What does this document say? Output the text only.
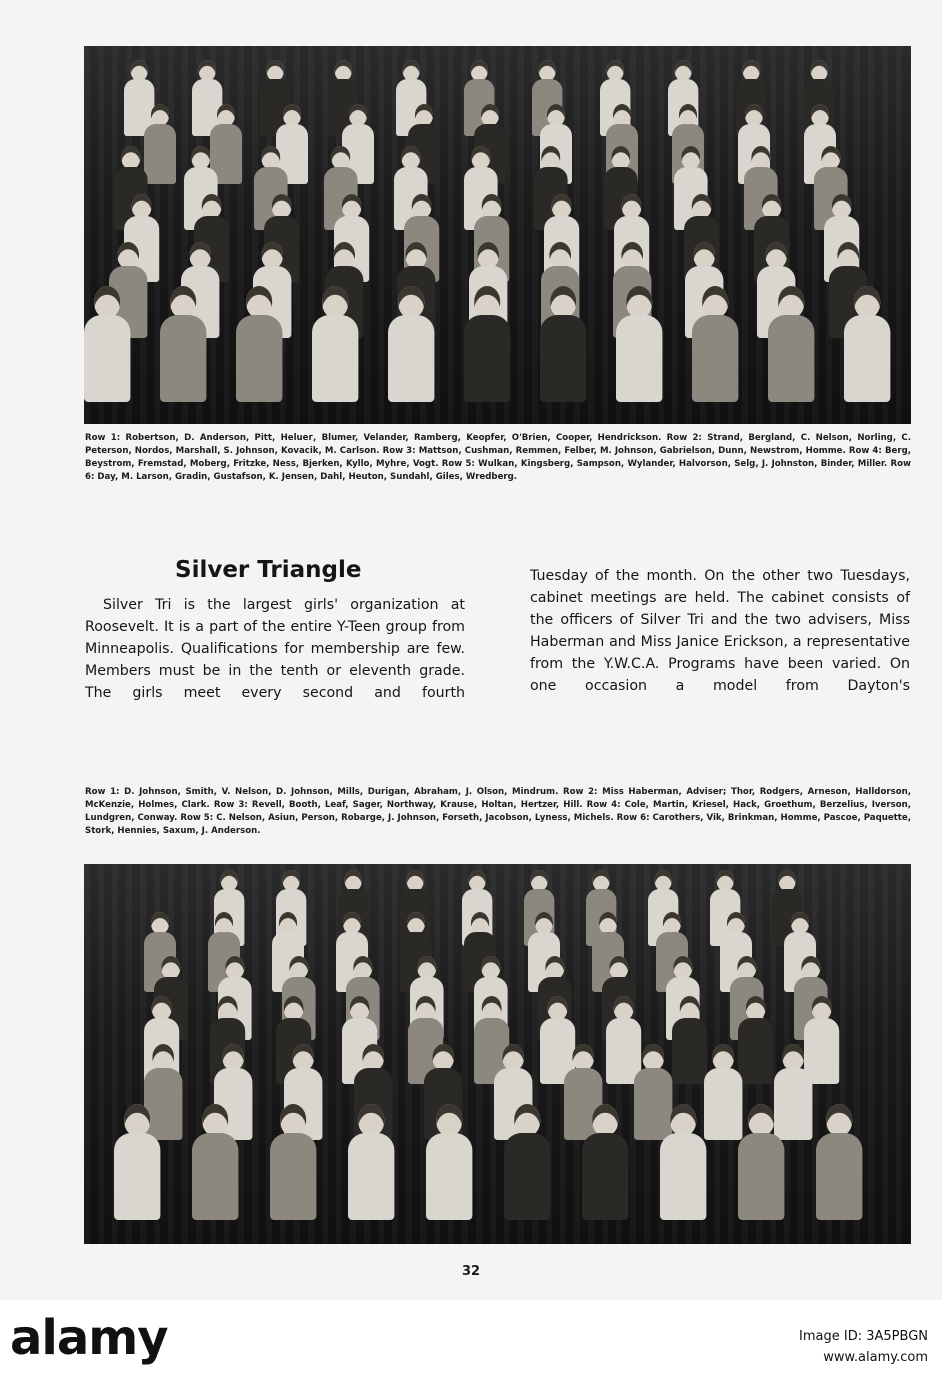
Row 1: Robertson, D. Anderson, Pitt, Heluег, Blumer, Velander, Ramberg, Keopfer, O'Brien, Cooper, Hendrickson. Row 2: Strand, Bergland, C. Nelson, Norling, C. Peterson, Nordos, Marshall, S. Johnson, Kovacik, M. Carlson. Row 3: Mattson, Cushman, Remmen, Felber, M. Johnson, Gabrielson, Dunn, Newstrom, Homme. Row 4: Berg, Beystrom, Fremstad, Moberg, Fritzke, Ness, Bjerken, Kyllo, Myhre, Vogt. Row 5: Wulkan, Kingsberg, Sampson, Wylander, Halvorson, Selg, J. Johnston, Binder, Miller. Row 6: Day, M. Larson, Gradin, Gustafson, K. Jensen, Dahl, Heuton, Sundahl, Giles, Wredberg.

Silver Triangle

Silver Tri is the largest girls' organization at Roosevelt. It is a part of the entire Y-Teen group from Minneapolis. Qualifications for membership are few. Members must be in the tenth or eleventh grade. The girls meet every second and fourth

Tuesday of the month. On the other two Tuesdays, cabinet meetings are held. The cabinet consists of the officers of Silver Tri and the two advisers, Miss Haberman and Miss Janice Erickson, a representative from the Y.W.C.A. Programs have been varied. On one occasion a model from Dayton's

Row 1: D. Johnson, Smith, V. Nelson, D. Johnson, Mills, Durigan, Abraham, J. Olson, Mindrum. Row 2: Miss Haberman, Adviser; Thor, Rodgers, Arneson, Halldorson, McKenzie, Holmes, Clark. Row 3: Revell, Booth, Leaf, Sager, Northway, Krause, Holtan, Hertzer, Hill. Row 4: Cole, Martin, Kriesel, Hack, Groethum, Berzelius, Iverson, Lundgren, Conway. Row 5: C. Nelson, Asiun, Person, Robarge, J. Johnson, Forseth, Jacobson, Lyness, Michels. Row 6: Carothers, Vik, Brinkman, Homme, Pascoe, Paquette, Stork, Hennies, Saxum, J. Anderson.

32
alamy	Image ID: 3A5PBGN
www.alamy.com
